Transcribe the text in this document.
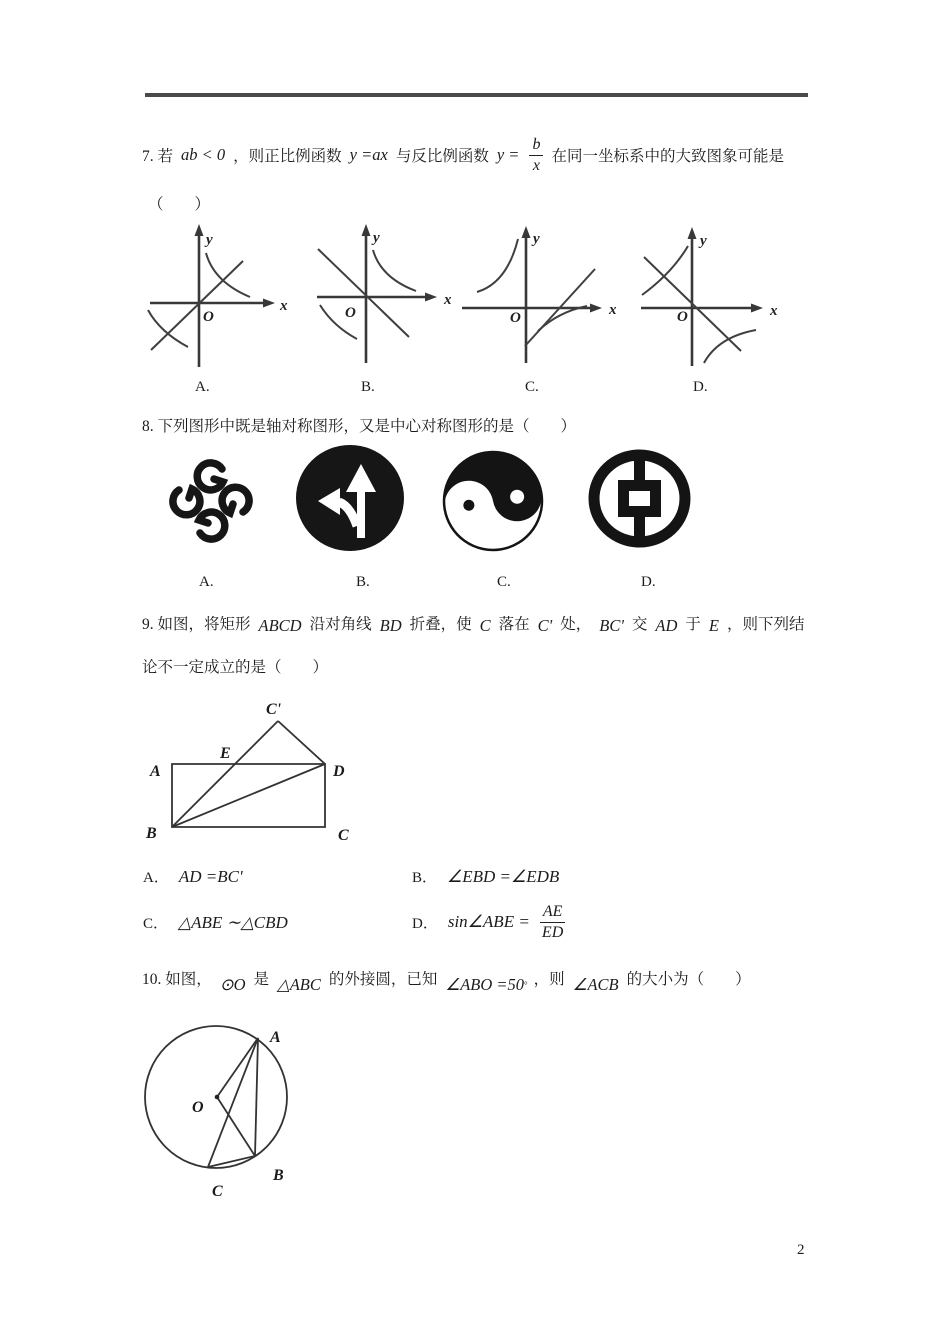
7. 若 ab < 0 ，则正比例函数 y =ax 与反比例函数 $y = \frac{b}{x}$ 在同一坐标系中的大致图象可能是
（　　）
y
x
O
y
x
O
y
x
O
y
x
O
A.	B.	C.	D.
8. 下列图形中既是轴对称图形，又是中心对称图形的是（　　）
A.	B.	C.	D.
9. 如图，将矩形 ABCD 沿对角线 BD 折叠，使 C 落在 C' 处， BC' 交 AD 于 E ，则下列结
论不一定成立的是（　　）
A
B	C
D
C'
E
A． AD =BC'	B． ∠EBD =∠EDB
C． △ABE ∼△CBD	D． sin∠ABE = $\frac{AE}{ED}$
10. 如图， ⊙O 是 △ABC 的外接圆，已知 ∠ABO =50° ，则 ∠ACB 的大小为（　　）
A
O
B
C
2
